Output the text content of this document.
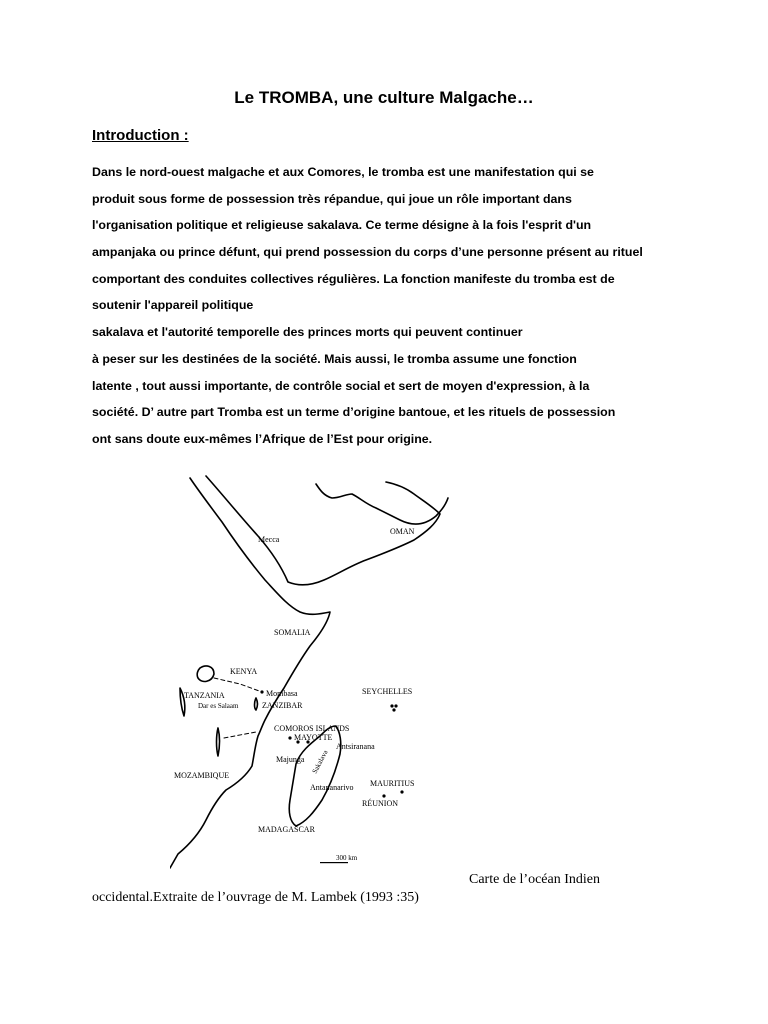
Le TROMBA, une culture Malgache…
Introduction :
Dans le nord-ouest malgache et aux Comores, le tromba est une manifestation qui se
produit sous forme de possession très répandue, qui joue un rôle important dans
l'organisation politique et religieuse sakalava. Ce terme désigne à la fois l'esprit d'un
ampanjaka ou prince défunt, qui prend possession du corps d’une personne présent au rituel
comportant des conduites collectives régulières. La fonction manifeste du tromba est de
soutenir l'appareil politique
sakalava et l'autorité temporelle des princes morts qui peuvent continuer
à peser sur les destinées de la société. Mais aussi, le tromba assume une fonction
latente , tout aussi importante, de contrôle social et sert de moyen d'expression, à la
société. D’ autre part Tromba est un terme d’origine bantoue, et les rituels de possession
ont sans doute eux-mêmes l’Afrique de l’Est pour origine.
Mecca
OMAN
SOMALIA
KENYA
TANZANIA	Mombasa
Dar es Salaam	ZANZIBAR
SEYCHELLES
COMOROS ISLANDS
MAYOTTE
Antsiranana
Majunga Sakalava
Antananarivo MAURITIUS
RÉUNION
MOZAMBIQUE
MADAGASCAR
300 km
Carte de l’océan Indien
occidental.Extraite de l’ouvrage de M. Lambek (1993 :35)
